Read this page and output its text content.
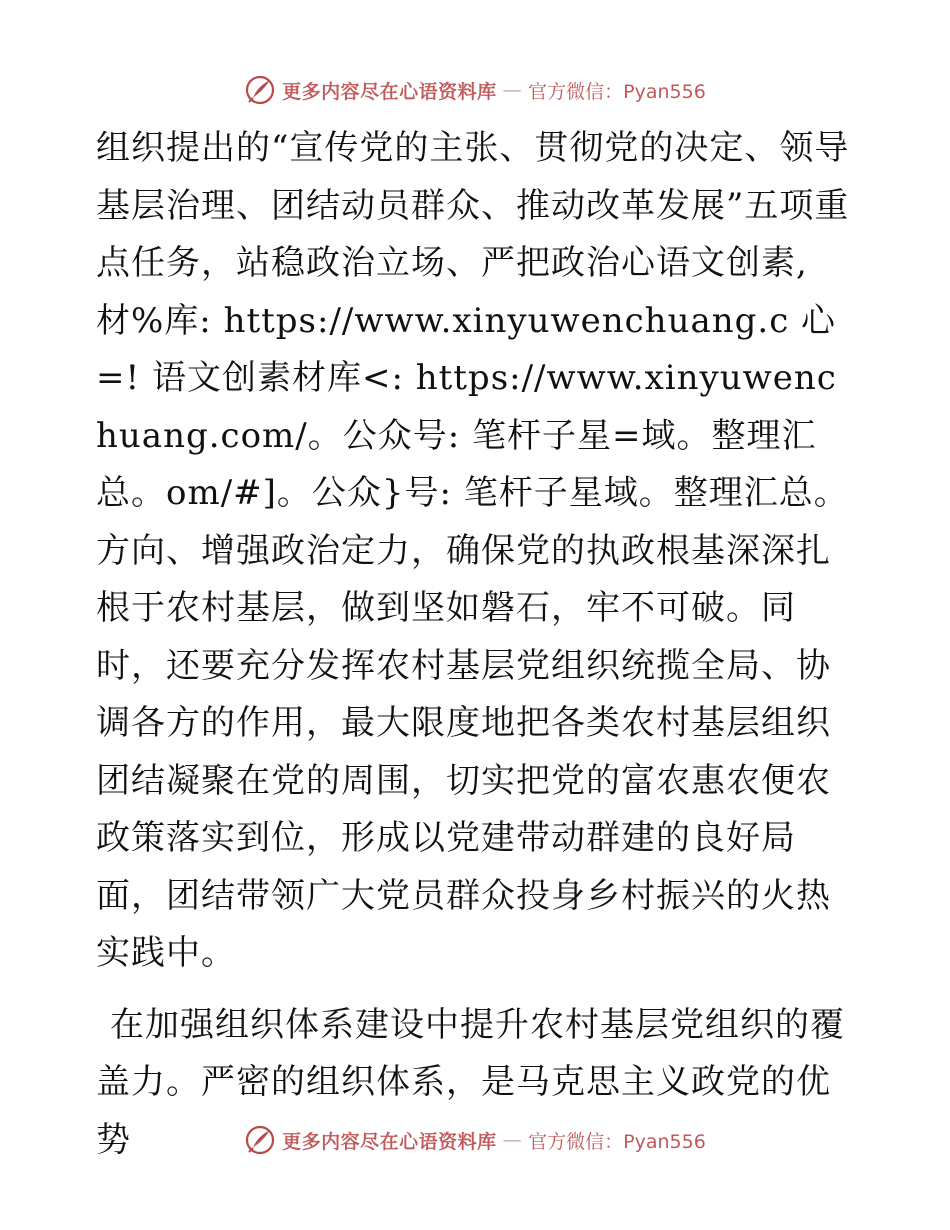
更多内容尽在心语资料库 — 官方微信：Pyan556

组织提出的“宣传党的主张、贯彻党的决定、领导基层治理、团结动员群众、推动改革发展”五项重点任务，站稳政治立场、严把政治心语文创素,材%库: https://www.xinyuwenchuang.c 心=! 语文创素材库<: https://www.xinyuwenchuang.com/。公众号: 笔杆子星=域。整理汇总。om/#]。公众}号: 笔杆子星域。整理汇总。方向、增强政治定力，确保党的执政根基深深扎根于农村基层，做到坚如磐石，牢不可破。同时，还要充分发挥农村基层党组织统揽全局、协调各方的作用，最大限度地把各类农村基层组织团结凝聚在党的周围，切实把党的富农惠农便农政策落实到位，形成以党建带动群建的良好局面，团结带领广大党员群众投身乡村振兴的火热实践中。

在加强组织体系建设中提升农村基层党组织的覆盖力。严密的组织体系，是马克思主义政党的优势	更多内容尽在心语资料库 — 官方微信：Pyan556
